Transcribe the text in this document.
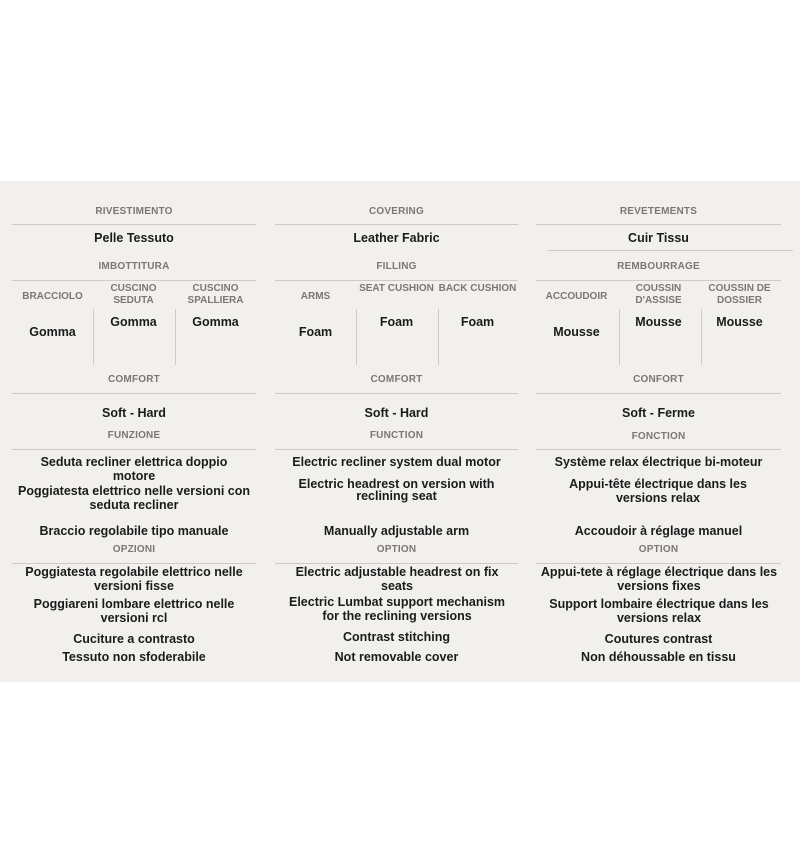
RIVESTIMENTO
Pelle Tessuto
IMBOTTITURA
BRACCIOLO
Gomma
CUSCINO SEDUTA
Gomma
CUSCINO SPALLIERA
Gomma
COMFORT
Soft - Hard
FUNZIONE
Seduta recliner elettrica doppio motore
Poggiatesta elettrico nelle versioni con seduta recliner
Braccio regolabile tipo manuale
OPZIONI
Poggiatesta regolabile elettrico nelle versioni fisse
Poggiareni lombare elettrico nelle versioni rcl
Cuciture a contrasto
Tessuto non sfoderabile
COVERING
Leather Fabric
FILLING
ARMS
Foam
SEAT CUSHION
Foam
BACK CUSHION
Foam
COMFORT
Soft - Hard
FUNCTION
Electric recliner system dual motor
Electric headrest on version with reclining seat
Manually adjustable arm
OPTION
Electric adjustable headrest on fix seats
Electric Lumbat support mechanism for the reclining versions
Contrast stitching
Not removable cover
REVETEMENTS
Cuir Tissu
REMBOURRAGE
ACCOUDOIR
Mousse
COUSSIN D'ASSISE
Mousse
COUSSIN DE DOSSIER
Mousse
CONFORT
Soft - Ferme
FONCTION
Système relax électrique bi-moteur
Appui-tête électrique dans les versions relax
Accoudoir à réglage manuel
OPTION
Appui-tete à réglage électrique dans les versions fixes
Support lombaire électrique dans les versions relax
Coutures contrast
Non déhoussable en tissu
